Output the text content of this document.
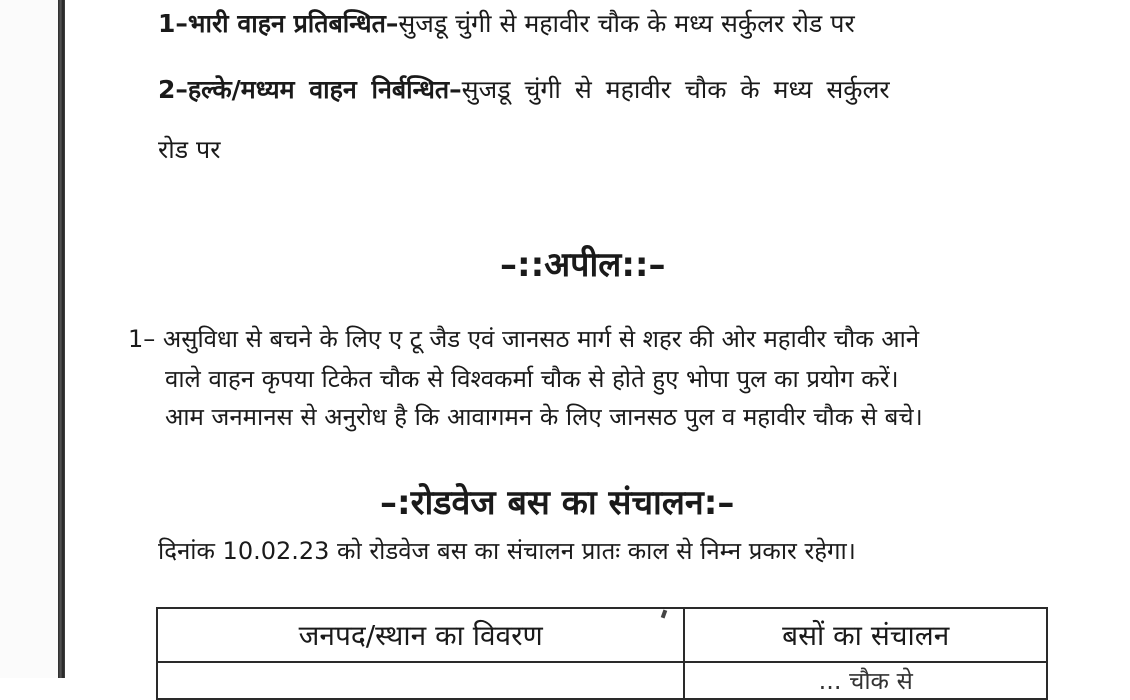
1–भारी वाहन प्रतिबन्धित–सुजडू चुंगी से महावीर चौक के मध्य सर्कुलर रोड पर
2–हल्के/मध्यम वाहन निर्बन्धित–सुजडू चुंगी से महावीर चौक के मध्य सर्कुलर
रोड पर
–::अपील::–
1– असुविधा से बचने के लिए ए टू जैड एवं जानसठ मार्ग से शहर की ओर महावीर चौक आने
वाले वाहन कृपया टिकेत चौक से विश्वकर्मा चौक से होते हुए भोपा पुल का प्रयोग करें।
आम जनमानस से अनुरोध है कि आवागमन के लिए जानसठ पुल व महावीर चौक से बचे।
–:रोडवेज बस का संचालन:–
दिनांक 10.02.23 को रोडवेज बस का संचालन प्रातः काल से निम्न प्रकार रहेगा।
जनपद/स्थान का विवरण	बसों का संचालन
	... चौक से
